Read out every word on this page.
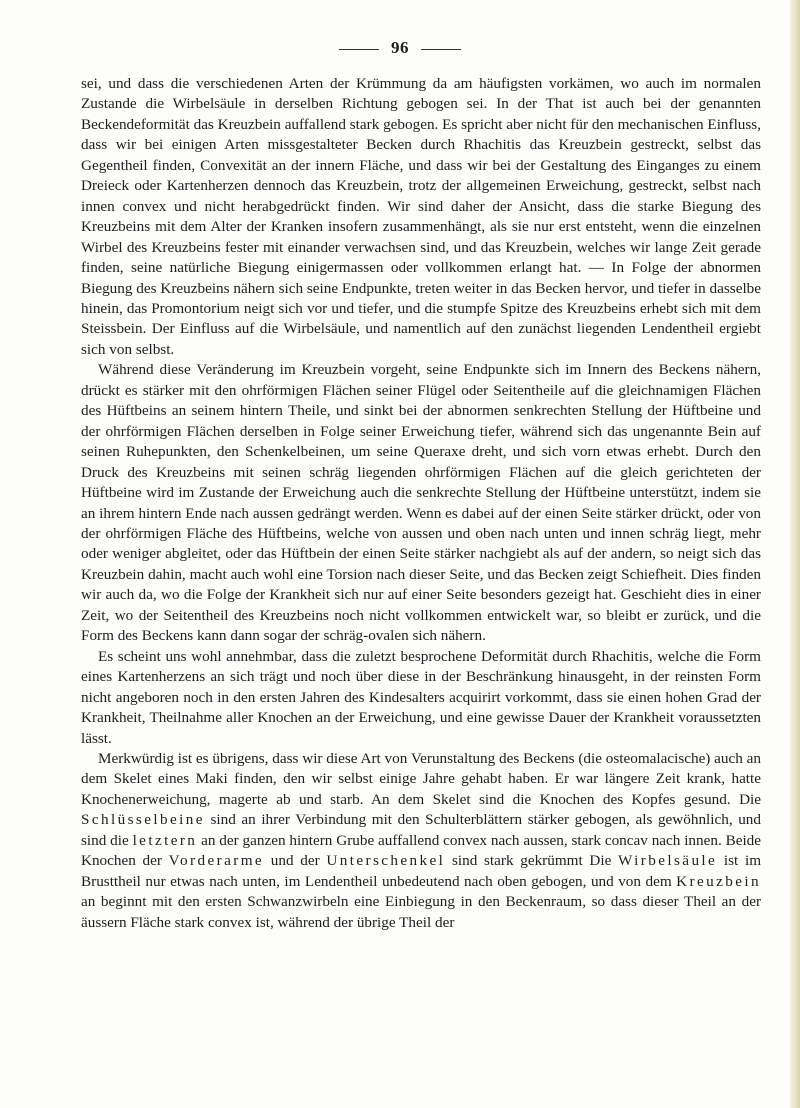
96

sei, und dass die verschiedenen Arten der Krümmung da am häufigsten vorkämen, wo auch im normalen Zustande die Wirbelsäule in derselben Richtung gebogen sei. In der That ist auch bei der genannten Beckendeformität das Kreuzbein auffallend stark gebogen. Es spricht aber nicht für den mechanischen Einfluss, dass wir bei einigen Arten missgestalteter Becken durch Rhachitis das Kreuzbein gestreckt, selbst das Gegentheil finden, Convexität an der innern Fläche, und dass wir bei der Gestaltung des Einganges zu einem Dreieck oder Kartenherzen dennoch das Kreuzbein, trotz der allgemeinen Erweichung, gestreckt, selbst nach innen convex und nicht herabgedrückt finden. Wir sind daher der Ansicht, dass die starke Biegung des Kreuzbeins mit dem Alter der Kranken insofern zusammenhängt, als sie nur erst entsteht, wenn die einzelnen Wirbel des Kreuzbeins fester mit einander verwachsen sind, und das Kreuzbein, welches wir lange Zeit gerade finden, seine natürliche Biegung einigermassen oder vollkommen erlangt hat. — In Folge der abnormen Biegung des Kreuzbeins nähern sich seine Endpunkte, treten weiter in das Becken hervor, und tiefer in dasselbe hinein, das Promontorium neigt sich vor und tiefer, und die stumpfe Spitze des Kreuzbeins erhebt sich mit dem Steissbein. Der Einfluss auf die Wirbelsäule, und namentlich auf den zunächst liegenden Lendentheil ergiebt sich von selbst.

Während diese Veränderung im Kreuzbein vorgeht, seine Endpunkte sich im Innern des Beckens nähern, drückt es stärker mit den ohrförmigen Flächen seiner Flügel oder Seitentheile auf die gleichnamigen Flächen des Hüftbeins an seinem hintern Theile, und sinkt bei der abnormen senkrechten Stellung der Hüftbeine und der ohrförmigen Flächen derselben in Folge seiner Erweichung tiefer, während sich das ungenannte Bein auf seinen Ruhepunkten, den Schenkelbeinen, um seine Queraxe dreht, und sich vorn etwas erhebt. Durch den Druck des Kreuzbeins mit seinen schräg liegenden ohrförmigen Flächen auf die gleich gerichteten der Hüftbeine wird im Zustande der Erweichung auch die senkrechte Stellung der Hüftbeine unterstützt, indem sie an ihrem hintern Ende nach aussen gedrängt werden. Wenn es dabei auf der einen Seite stärker drückt, oder von der ohrförmigen Fläche des Hüftbeins, welche von aussen und oben nach unten und innen schräg liegt, mehr oder weniger abgleitet, oder das Hüftbein der einen Seite stärker nachgiebt als auf der andern, so neigt sich das Kreuzbein dahin, macht auch wohl eine Torsion nach dieser Seite, und das Becken zeigt Schiefheit. Dies finden wir auch da, wo die Folge der Krankheit sich nur auf einer Seite besonders gezeigt hat. Geschieht dies in einer Zeit, wo der Seitentheil des Kreuzbeins noch nicht vollkommen entwickelt war, so bleibt er zurück, und die Form des Beckens kann dann sogar der schräg-ovalen sich nähern.

Es scheint uns wohl annehmbar, dass die zuletzt besprochene Deformität durch Rhachitis, welche die Form eines Kartenherzens an sich trägt und noch über diese in der Beschränkung hinausgeht, in der reinsten Form nicht angeboren noch in den ersten Jahren des Kindesalters acquirirt vorkommt, dass sie einen hohen Grad der Krankheit, Theilnahme aller Knochen an der Erweichung, und eine gewisse Dauer der Krankheit voraussetzten lässt.

Merkwürdig ist es übrigens, dass wir diese Art von Verunstaltung des Beckens (die osteomalacische) auch an dem Skelet eines Maki finden, den wir selbst einige Jahre gehabt haben. Er war längere Zeit krank, hatte Knochenerweichung, magerte ab und starb. An dem Skelet sind die Knochen des Kopfes gesund. Die Schlüsselbeine sind an ihrer Verbindung mit den Schulterblättern stärker gebogen, als gewöhnlich, und sind die letztern an der ganzen hintern Grube auffallend convex nach aussen, stark concav nach innen. Beide Knochen der Vorderarme und der Unterschenkel sind stark gekrümmt Die Wirbelsäule ist im Brusttheil nur etwas nach unten, im Lendentheil unbedeutend nach oben gebogen, und von dem Kreuzbein an beginnt mit den ersten Schwanzwirbeln eine Einbiegung in den Beckenraum, so dass dieser Theil an der äussern Fläche stark convex ist, während der übrige Theil der
